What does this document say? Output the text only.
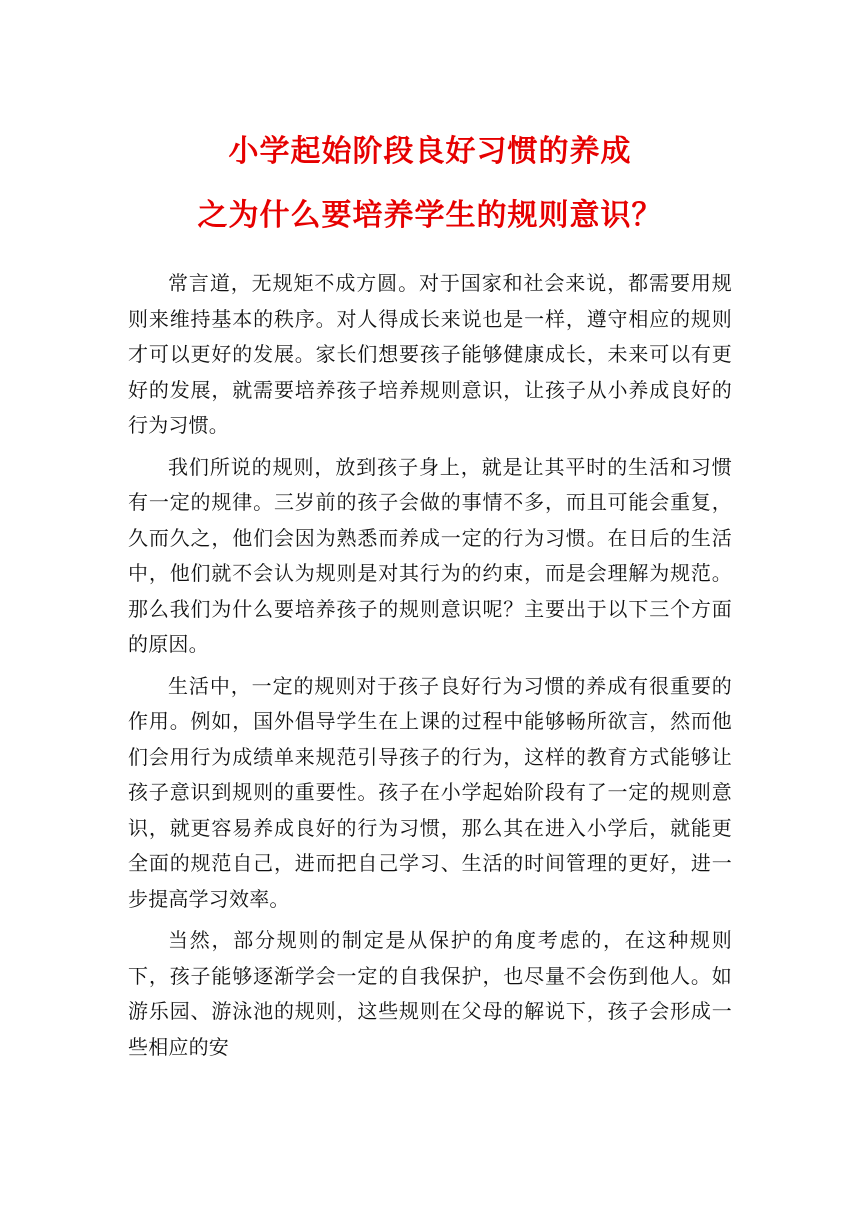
小学起始阶段良好习惯的养成
之为什么要培养学生的规则意识？

常言道，无规矩不成方圆。对于国家和社会来说，都需要用规则来维持基本的秩序。对人得成长来说也是一样，遵守相应的规则才可以更好的发展。家长们想要孩子能够健康成长，未来可以有更好的发展，就需要培养孩子培养规则意识，让孩子从小养成良好的行为习惯。

我们所说的规则，放到孩子身上，就是让其平时的生活和习惯有一定的规律。三岁前的孩子会做的事情不多，而且可能会重复，久而久之，他们会因为熟悉而养成一定的行为习惯。在日后的生活中，他们就不会认为规则是对其行为的约束，而是会理解为规范。那么我们为什么要培养孩子的规则意识呢？主要出于以下三个方面的原因。

生活中，一定的规则对于孩子良好行为习惯的养成有很重要的作用。例如，国外倡导学生在上课的过程中能够畅所欲言，然而他们会用行为成绩单来规范引导孩子的行为，这样的教育方式能够让孩子意识到规则的重要性。孩子在小学起始阶段有了一定的规则意识，就更容易养成良好的行为习惯，那么其在进入小学后，就能更全面的规范自己，进而把自己学习、生活的时间管理的更好，进一步提高学习效率。

当然，部分规则的制定是从保护的角度考虑的，在这种规则下，孩子能够逐渐学会一定的自我保护，也尽量不会伤到他人。如游乐园、游泳池的规则，这些规则在父母的解说下，孩子会形成一些相应的安
